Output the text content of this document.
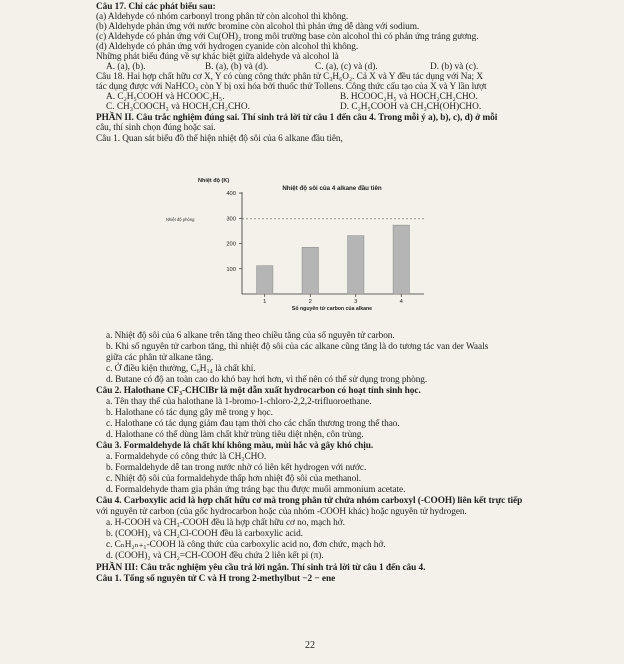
Câu 17. Chỉ các phát biểu sau:
(a) Aldehyde có nhóm carbonyl trong phân tử còn alcohol thì không.
(b) Aldehyde phản ứng với nước bromine còn alcohol thì phản ứng dễ dàng với sodium.
(c) Aldehyde có phản ứng với Cu(OH)₂ trong môi trường base còn alcohol thì có phản ứng tráng gương.
(d) Aldehyde có phản ứng với hydrogen cyanide còn alcohol thì không.
Những phát biểu đúng về sự khác biệt giữa aldehyde và alcohol là
A. (a), (b).	B. (a), (b) và (d).	C. (a), (c) và (d).	D. (b) và (c).
Câu 18. Hai hợp chất hữu cơ X, Y có cùng công thức phân tử C₃H₆O₂. Cả X và Y đều tác dụng với Na; X
tác dụng được với NaHCO₃ còn Y bị oxi hóa bởi thuốc thử Tollens. Công thức cấu tạo của X và Y lần lượt
A. C₂H₅COOH và HCOOC₂H₅.	B. HCOOC₂H₅ và HOCH₂CH₂CHO.
C. CH₃COOCH₃ và HOCH₂CH₂CHO.	D. C₂H₅COOH và CH₃CH(OH)CHO.
PHẦN II. Câu trắc nghiệm đúng sai. Thí sinh trả lời từ câu 1 đến câu 4. Trong mỗi ý a), b), c), d) ở mỗi
câu, thí sinh chọn đúng hoặc sai.
Câu 1. Quan sát biểu đồ thể hiện nhiệt độ sôi của 6 alkane đầu tiên,
Nhiệt độ (K)
Nhiệt độ sôi của 4 alkane đầu tiên
100
200
300
400
Nhiệt độ phòng
1	2	3	4
Số nguyên tử carbon của alkane
a. Nhiệt độ sôi của 6 alkane trên tăng theo chiều tăng của số nguyên tử carbon.
b. Khi số nguyên tử carbon tăng, thì nhiệt độ sôi của các alkane cũng tăng là do tương tác van der Waals
giữa các phân tử alkane tăng.
c. Ở điều kiện thường, C₆H₁₄ là chất khí.
d. Butane có độ an toàn cao do khó bay hơi hơn, vì thế nên có thể sử dụng trong phòng.
Câu 2. Halothane CF₃-CHClBr là một dẫn xuất hydrocarbon có hoạt tính sinh học.
a. Tên thay thế của halothane là 1-bromo-1-chloro-2,2,2-trifluoroethane.
b. Halothane có tác dụng gây mê trong y học.
c. Halothane có tác dụng giảm đau tạm thời cho các chấn thương trong thể thao.
d. Halothane có thể dùng làm chất khử trùng tiêu diệt nhện, côn trùng.
Câu 3. Formaldehyde là chất khí không màu, mùi hắc và gây khó chịu.
a. Formaldehyde có công thức là CH₃CHO.
b. Formaldehyde dễ tan trong nước nhờ có liên kết hydrogen với nước.
c. Nhiệt độ sôi của formaldehyde thấp hơn nhiệt độ sôi của methanol.
d. Formaldehyde tham gia phản ứng tráng bạc thu được muối ammonium acetate.
Câu 4. Carboxylic acid là hợp chất hữu cơ mà trong phân tử chứa nhóm carboxyl (-COOH) liên kết trực tiếp
với nguyên tử carbon (của gốc hydrocarbon hoặc của nhóm -COOH khác) hoặc nguyên tử hydrogen.
a. H-COOH và CH₃-COOH đều là hợp chất hữu cơ no, mạch hở.
b. (COOH)₂ và CH₂Cl-COOH đều là carboxylic acid.
c. CₙH₂ₙ₊₁-COOH là công thức của carboxylic acid no, đơn chức, mạch hở.
d. (COOH)₂ và CH₂=CH-COOH đều chứa 2 liên kết pi (π).
PHẦN III: Câu trắc nghiệm yêu cầu trả lời ngắn. Thí sinh trả lời từ câu 1 đến câu 4.
Câu 1. Tổng số nguyên tử C và H trong 2-methylbut −2 − ene
22
